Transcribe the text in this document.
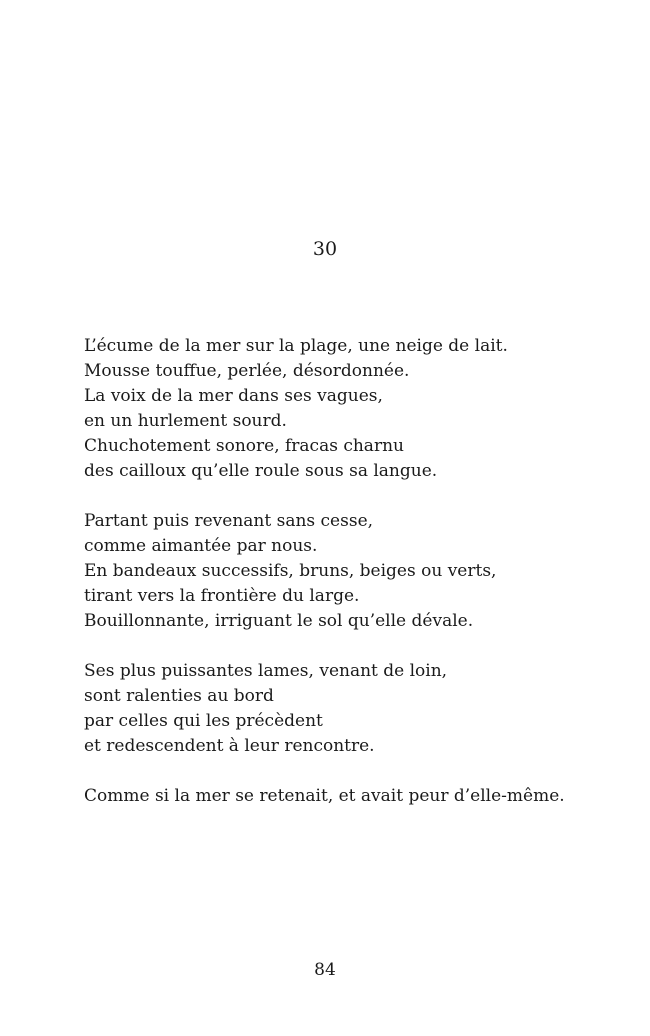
30
L’écume de la mer sur la plage, une neige de lait.
Mousse touffue, perlée, désordonnée.
La voix de la mer dans ses vagues,
en un hurlement sourd.
Chuchotement sonore, fracas charnu
des cailloux qu’elle roule sous sa langue.
Partant puis revenant sans cesse,
comme aimantée par nous.
En bandeaux successifs, bruns, beiges ou verts,
tirant vers la frontière du large.
Bouillonnante, irriguant le sol qu’elle dévale.
Ses plus puissantes lames, venant de loin,
sont ralenties au bord
par celles qui les précèdent
et redescendent à leur rencontre.
Comme si la mer se retenait, et avait peur d’elle-même.
84
